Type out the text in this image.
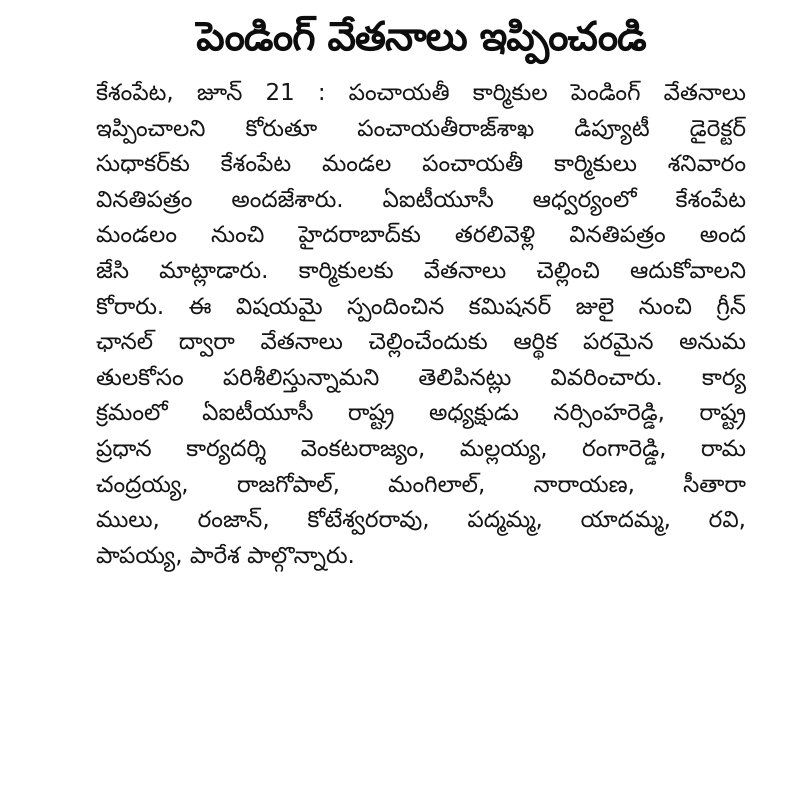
పెండింగ్ వేతనాలు ఇప్పించండి
కేశంపేట, జూన్ 21 : పంచాయతీ కార్మికుల పెండింగ్ వేతనాలు
ఇప్పించాలని కోరుతూ పంచాయతీరాజ్‌శాఖ డిప్యూటీ డైరెక్టర్
సుధాకర్‌కు కేశంపేట మండల పంచాయతీ కార్మికులు శనివారం
వినతిపత్రం అందజేశారు. ఏఐటీయూసీ ఆధ్వర్యంలో కేశంపేట
మండలం నుంచి హైదరాబాద్‌కు తరలివెళ్లి వినతిపత్రం అంద
జేసి మాట్లాడారు. కార్మికులకు వేతనాలు చెల్లించి ఆదుకోవాలని
కోరారు. ఈ విషయమై స్పందించిన కమిషనర్ జులై నుంచి గ్రీన్
ఛానల్ ద్వారా వేతనాలు చెల్లించేందుకు ఆర్థిక పరమైన అనుమ
తులకోసం పరిశీలిస్తున్నామని తెలిపినట్లు వివరించారు. కార్య
క్రమంలో ఏఐటీయూసీ రాష్ట్ర అధ్యక్షుడు నర్సింహరెడ్డి, రాష్ట్ర
ప్రధాన కార్యదర్శి వెంకటరాజ్యం, మల్లయ్య, రంగారెడ్డి, రామ
చంద్రయ్య, రాజగోపాల్, మంగిలాల్, నారాయణ, సీతారా
ములు, రంజాన్, కోటేశ్వరరావు, పద్మమ్మ, యాదమ్మ, రవి,
పాపయ్య, పారేశ పాల్గొన్నారు.
